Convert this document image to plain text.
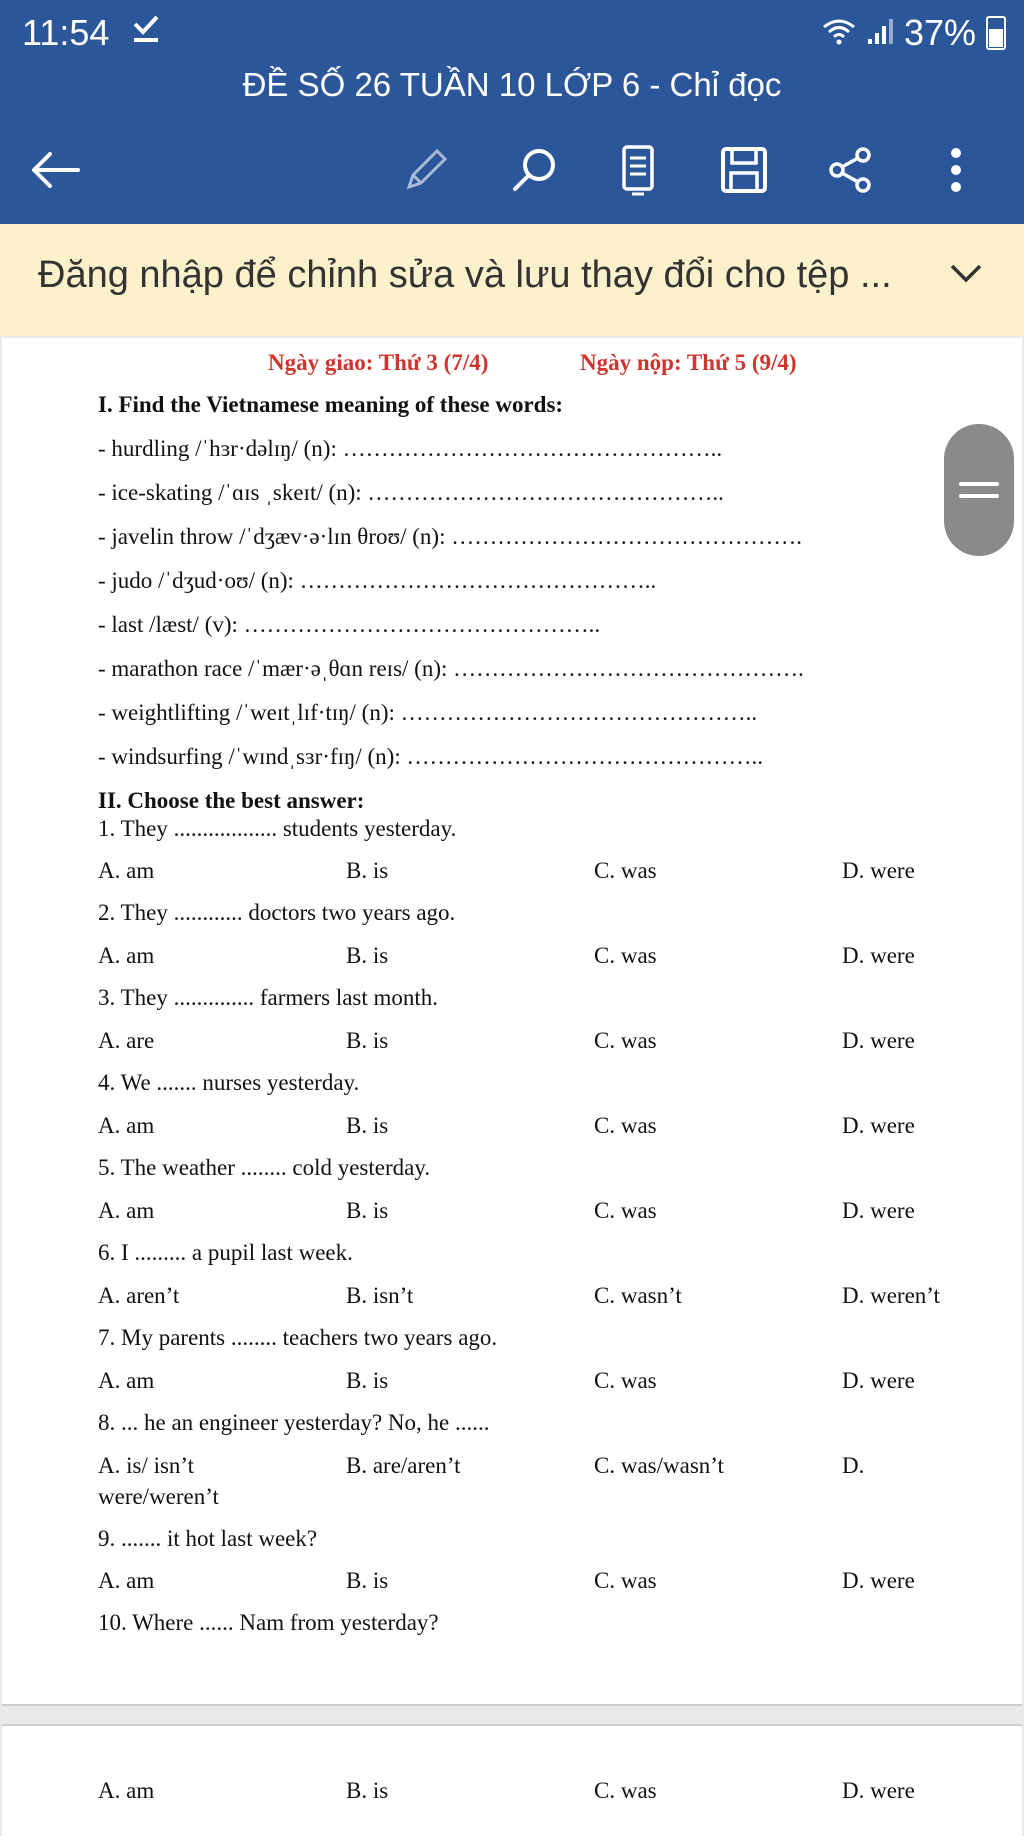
11:54	37%
ĐỀ SỐ 26 TUẦN 10 LỚP 6 - Chỉ đọc
Đăng nhập để chỉnh sửa và lưu thay đổi cho tệp ...
Ngày giao: Thứ 3 (7/4)	Ngày nộp: Thứ 5 (9/4)
I. Find the Vietnamese meaning of these words:
- hurdling /ˈhɜr·dəlɪŋ/ (n): …………………………………………..
- ice-skating /ˈɑɪs ˌskeɪt/ (n): ………………………………………..
- javelin throw /ˈdʒæv·ə·lɪn θroʊ/ (n): ……………………………………….
- judo /ˈdʒud·oʊ/ (n): ………………………………………..
- last /læst/ (v): ………………………………………..
- marathon race /ˈmær·əˌθɑn reɪs/ (n): ……………………………………….
- weightlifting /ˈweɪtˌlɪf·tɪŋ/ (n): ………………………………………..
- windsurfing /ˈwɪndˌsɜr·fɪŋ/ (n): ………………………………………..
II. Choose the best answer:
1. They .................. students yesterday.
A. am	B. is	C. was	D. were
2. They ............ doctors two years ago.
A. am	B. is	C. was	D. were
3. They .............. farmers last month.
A. are	B. is	C. was	D. were
4. We ....... nurses yesterday.
A. am	B. is	C. was	D. were
5. The weather ........ cold yesterday.
A. am	B. is	C. was	D. were
6. I ......... a pupil last week.
A. aren’t	B. isn’t	C. wasn’t	D. weren’t
7. My parents ........ teachers two years ago.
A. am	B. is	C. was	D. were
8. ... he an engineer yesterday? No, he ......
A. is/ isn’t	B. are/aren’t	C. was/wasn’t	D.
were/weren’t
9. ....... it hot last week?
A. am	B. is	C. was	D. were
10. Where ...... Nam from yesterday?
A. am	B. is	C. was	D. were
